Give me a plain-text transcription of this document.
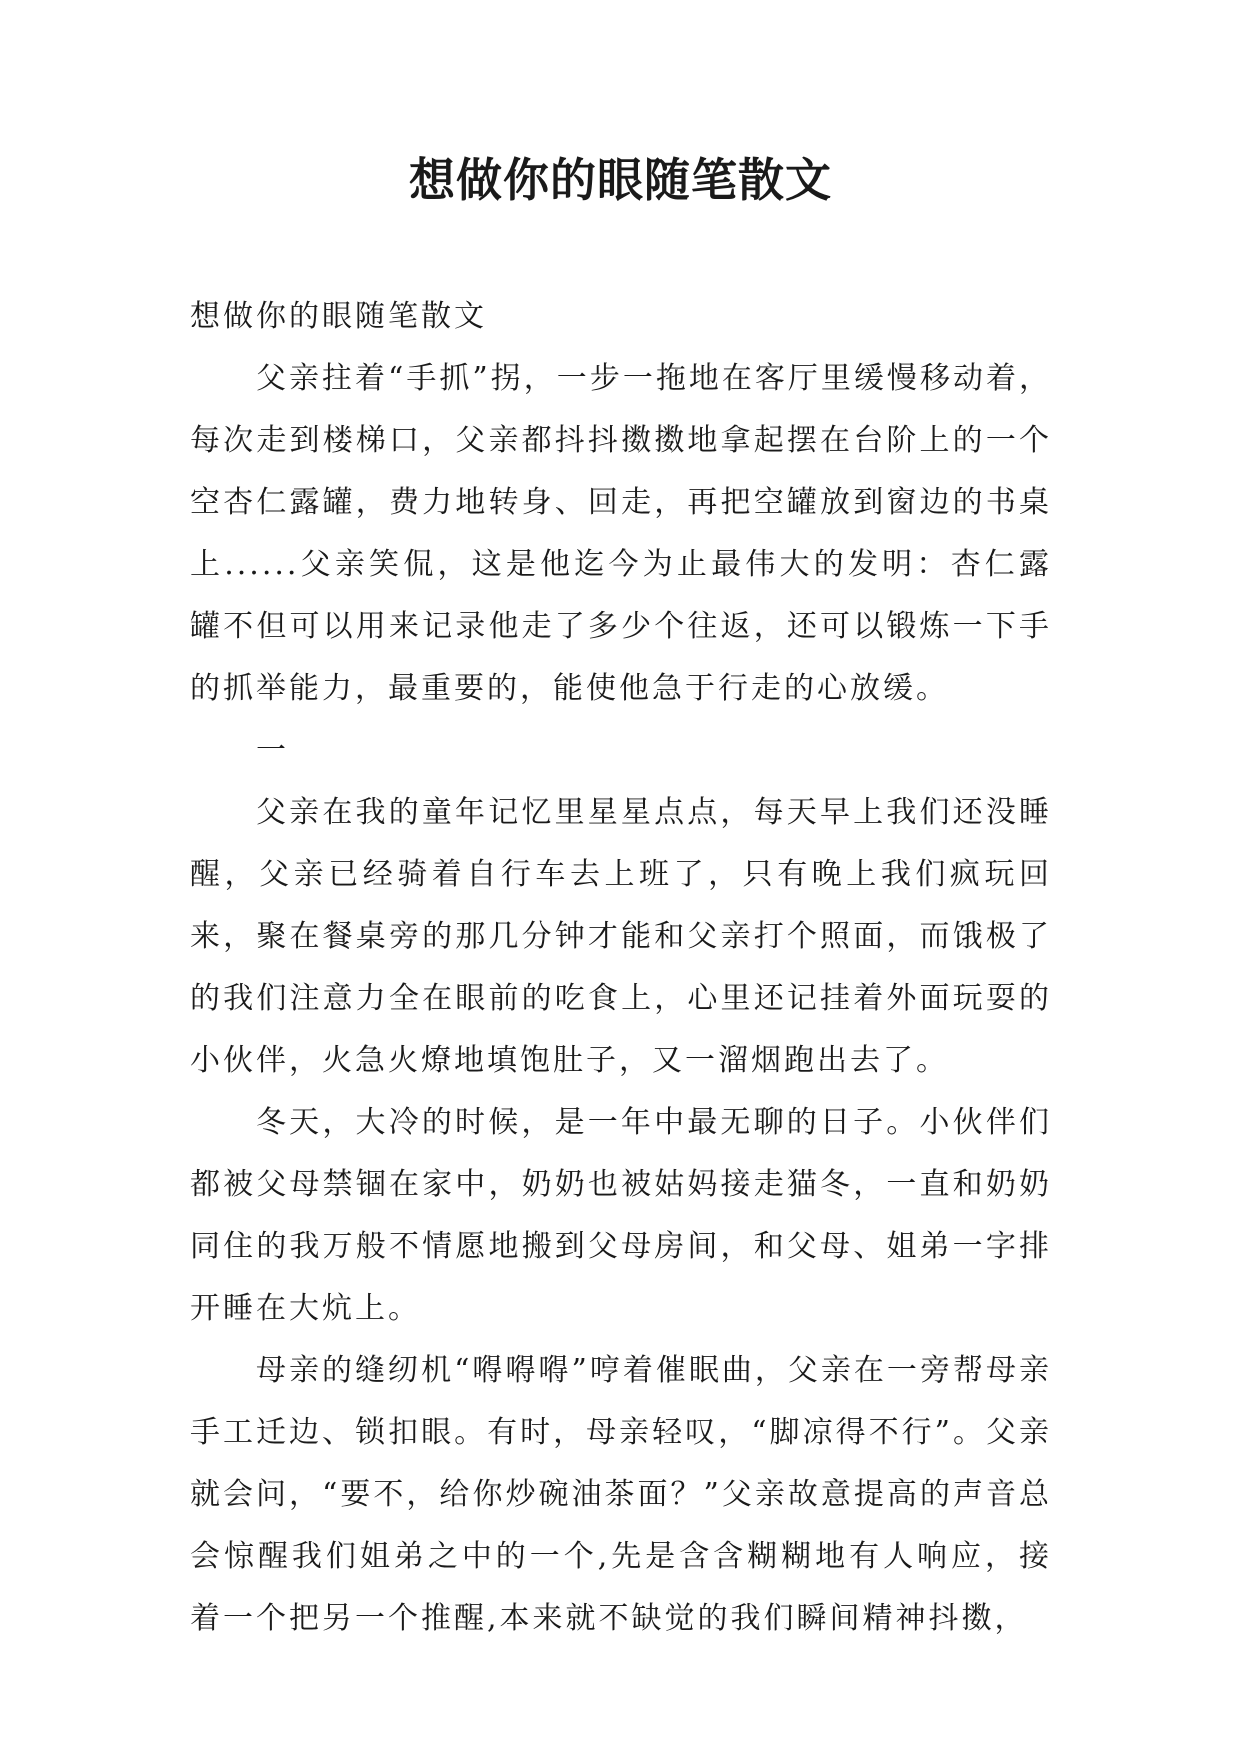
想做你的眼随笔散文

想做你的眼随笔散文

父亲拄着“手抓”拐，一步一拖地在客厅里缓慢移动着，每次走到楼梯口，父亲都抖抖擞擞地拿起摆在台阶上的一个空杏仁露罐，费力地转身、回走，再把空罐放到窗边的书桌上......父亲笑侃，这是他迄今为止最伟大的发明：杏仁露罐不但可以用来记录他走了多少个往返，还可以锻炼一下手的抓举能力，最重要的，能使他急于行走的心放缓。

一

父亲在我的童年记忆里星星点点，每天早上我们还没睡醒，父亲已经骑着自行车去上班了，只有晚上我们疯玩回来，聚在餐桌旁的那几分钟才能和父亲打个照面，而饿极了的我们注意力全在眼前的吃食上，心里还记挂着外面玩耍的小伙伴，火急火燎地填饱肚子，又一溜烟跑出去了。

冬天，大冷的时候，是一年中最无聊的日子。小伙伴们都被父母禁锢在家中，奶奶也被姑妈接走猫冬，一直和奶奶同住的我万般不情愿地搬到父母房间，和父母、姐弟一字排开睡在大炕上。

母亲的缝纫机“嘚嘚嘚”哼着催眠曲，父亲在一旁帮母亲手工迁边、锁扣眼。有时，母亲轻叹，“脚凉得不行”。父亲就会问，“要不，给你炒碗油茶面？”父亲故意提高的声音总会惊醒我们姐弟之中的一个,先是含含糊糊地有人响应，接着一个把另一个推醒,本来就不缺觉的我们瞬间精神抖擞，
